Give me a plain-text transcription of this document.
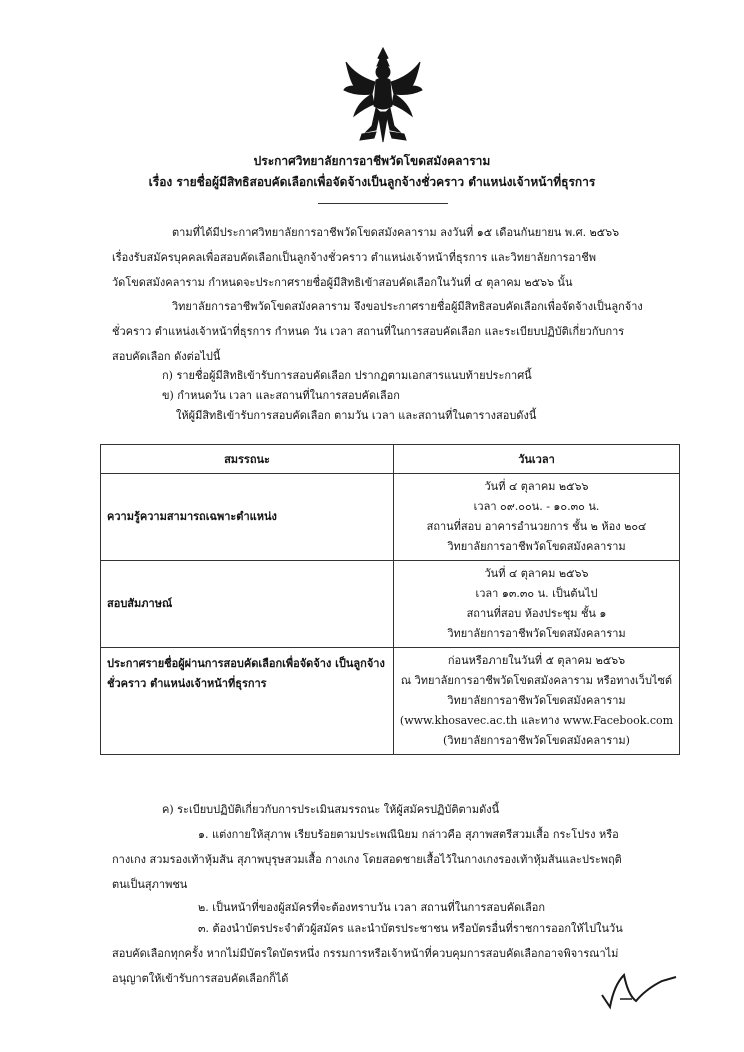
ประกาศวิทยาลัยการอาชีพวัดโขดสมังคลาราม
เรื่อง รายชื่อผู้มีสิทธิสอบคัดเลือกเพื่อจัดจ้างเป็นลูกจ้างชั่วคราว ตำแหน่งเจ้าหน้าที่ธุรการ
ตามที่ได้มีประกาศวิทยาลัยการอาชีพวัดโขดสมังคลาราม ลงวันที่ ๑๕ เดือนกันยายน พ.ศ. ๒๕๖๖
เรื่องรับสมัครบุคคลเพื่อสอบคัดเลือกเป็นลูกจ้างชั่วคราว ตำแหน่งเจ้าหน้าที่ธุรการ และวิทยาลัยการอาชีพ
วัดโขดสมังคลาราม กำหนดจะประกาศรายชื่อผู้มีสิทธิเข้าสอบคัดเลือกในวันที่ ๔ ตุลาคม ๒๕๖๖ นั้น
วิทยาลัยการอาชีพวัดโขดสมังคลาราม จึงขอประกาศรายชื่อผู้มีสิทธิสอบคัดเลือกเพื่อจัดจ้างเป็นลูกจ้าง
ชั่วคราว ตำแหน่งเจ้าหน้าที่ธุรการ กำหนด วัน เวลา สถานที่ในการสอบคัดเลือก และระเบียบปฏิบัติเกี่ยวกับการ
สอบคัดเลือก ดังต่อไปนี้
ก) รายชื่อผู้มีสิทธิเข้ารับการสอบคัดเลือก ปรากฏตามเอกสารแนบท้ายประกาศนี้
ข) กำหนดวัน เวลา และสถานที่ในการสอบคัดเลือก
ให้ผู้มีสิทธิเข้ารับการสอบคัดเลือก ตามวัน เวลา และสถานที่ในตารางสอบดังนี้
สมรรถนะ	วันเวลา
ความรู้ความสามารถเฉพาะตำแหน่ง	วันที่ ๔ ตุลาคม ๒๕๖๖
เวลา ๐๙.๐๐น. - ๑๐.๓๐ น.
สถานที่สอบ อาคารอำนวยการ ชั้น ๒ ห้อง ๒๐๔
วิทยาลัยการอาชีพวัดโขดสมังคลาราม

สอบสัมภาษณ์	วันที่ ๔ ตุลาคม ๒๕๖๖
เวลา ๑๓.๓๐ น. เป็นต้นไป
สถานที่สอบ ห้องประชุม ชั้น ๑
วิทยาลัยการอาชีพวัดโขดสมังคลาราม

ประกาศรายชื่อผู้ผ่านการสอบคัดเลือกเพื่อจัดจ้าง เป็นลูกจ้างชั่วคราว ตำแหน่งเจ้าหน้าที่ธุรการ	ก่อนหรือภายในวันที่ ๕ ตุลาคม ๒๕๖๖
ณ วิทยาลัยการอาชีพวัดโขดสมังคลาราม หรือทางเว็บไซต์
วิทยาลัยการอาชีพวัดโขดสมังคลาราม
(www.khosavec.ac.th และทาง www.Facebook.com
(วิทยาลัยการอาชีพวัดโขดสมังคลาราม)
ค) ระเบียบปฏิบัติเกี่ยวกับการประเมินสมรรถนะ ให้ผู้สมัครปฏิบัติตามดังนี้
๑. แต่งกายให้สุภาพ เรียบร้อยตามประเพณีนิยม กล่าวคือ สุภาพสตรีสวมเสื้อ กระโปรง หรือ
กางเกง สวมรองเท้าหุ้มส้น สุภาพบุรุษสวมเสื้อ กางเกง โดยสอดชายเสื้อไว้ในกางเกงรองเท้าหุ้มส้นและประพฤติ
ตนเป็นสุภาพชน
๒. เป็นหน้าที่ของผู้สมัครที่จะต้องทราบวัน เวลา สถานที่ในการสอบคัดเลือก
๓. ต้องนำบัตรประจำตัวผู้สมัคร และนำบัตรประชาชน หรือบัตรอื่นที่ราชการออกให้ไปในวัน
สอบคัดเลือกทุกครั้ง หากไม่มีบัตรใดบัตรหนึ่ง กรรมการหรือเจ้าหน้าที่ควบคุมการสอบคัดเลือกอาจพิจารณาไม่
อนุญาตให้เข้ารับการสอบคัดเลือกก็ได้
